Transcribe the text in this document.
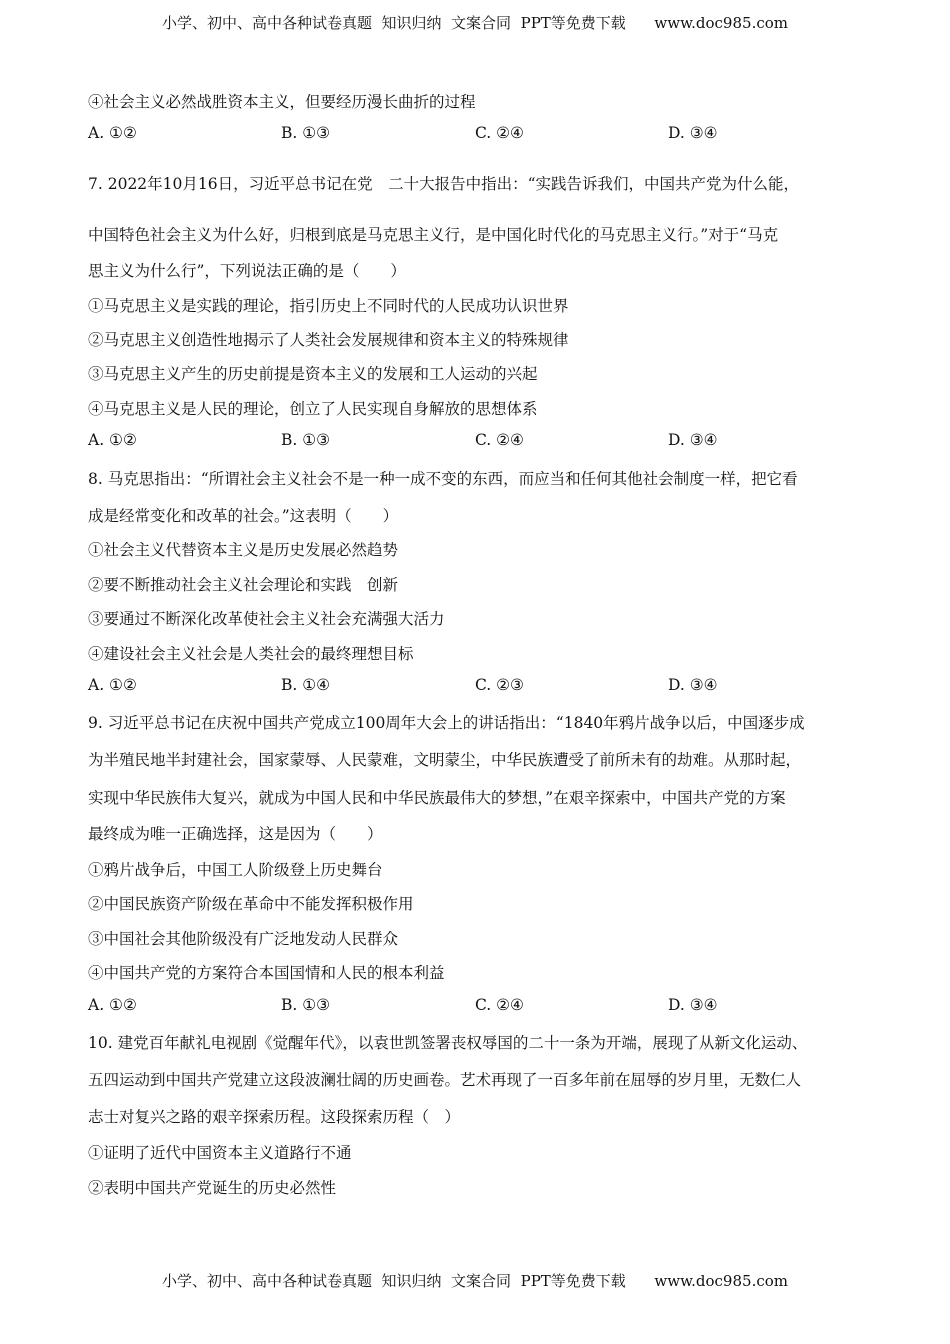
小学、初中、高中各种试卷真题  知识归纳  文案合同  PPT等免费下载      www.doc985.com
④社会主义必然战胜资本主义，但要经历漫长曲折的过程
A. ①②	B. ①③	C. ②④	D. ③④
7. 2022年10月16日，习近平总书记在党　二十大报告中指出：“实践告诉我们，中国共产党为什么能，
中国特色社会主义为什么好，归根到底是马克思主义行，是中国化时代化的马克思主义行。”对于“马克
思主义为什么行”，下列说法正确的是（　　）
①马克思主义是实践的理论，指引历史上不同时代的人民成功认识世界
②马克思主义创造性地揭示了人类社会发展规律和资本主义的特殊规律
③马克思主义产生的历史前提是资本主义的发展和工人运动的兴起
④马克思主义是人民的理论，创立了人民实现自身解放的思想体系
A. ①②	B. ①③	C. ②④	D. ③④
8. 马克思指出：“所谓社会主义社会不是一种一成不变的东西，而应当和任何其他社会制度一样，把它看
成是经常变化和改革的社会。”这表明（　　）
①社会主义代替资本主义是历史发展必然趋势
②要不断推动社会主义社会理论和实践　创新
③要通过不断深化改革使社会主义社会充满强大活力
④建设社会主义社会是人类社会的最终理想目标
A. ①②	B. ①④	C. ②③	D. ③④
9. 习近平总书记在庆祝中国共产党成立100周年大会上的讲话指出：“1840年鸦片战争以后，中国逐步成
为半殖民地半封建社会，国家蒙辱、人民蒙难，文明蒙尘，中华民族遭受了前所未有的劫难。从那时起，
实现中华民族伟大复兴，就成为中国人民和中华民族最伟大的梦想，”在艰辛探索中，中国共产党的方案
最终成为唯一正确选择，这是因为（　　）
①鸦片战争后，中国工人阶级登上历史舞台
②中国民族资产阶级在革命中不能发挥积极作用
③中国社会其他阶级没有广泛地发动人民群众
④中国共产党的方案符合本国国情和人民的根本利益
A. ①②	B. ①③	C. ②④	D. ③④
10. 建党百年献礼电视剧《觉醒年代》，以袁世凯签署丧权辱国的二十一条为开端，展现了从新文化运动、
五四运动到中国共产党建立这段波澜壮阔的历史画卷。艺术再现了一百多年前在屈辱的岁月里，无数仁人
志士对复兴之路的艰辛探索历程。这段探索历程（　）
①证明了近代中国资本主义道路行不通
②表明中国共产党诞生的历史必然性
小学、初中、高中各种试卷真题  知识归纳  文案合同  PPT等免费下载      www.doc985.com
